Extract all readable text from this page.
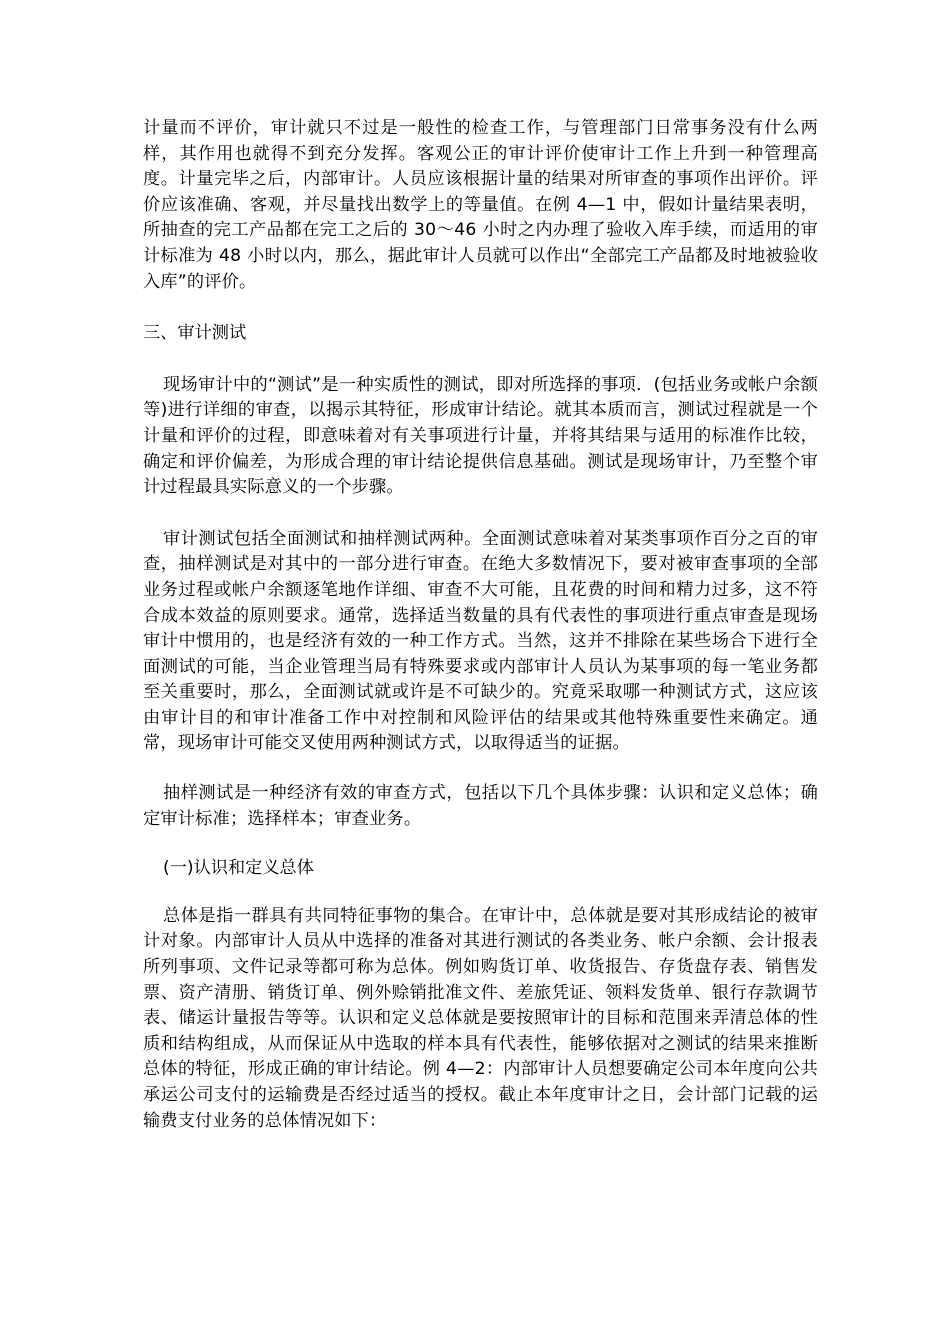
计量而不评价，审计就只不过是一般性的检查工作，与管理部门日常事务没有什么两样，其作用也就得不到充分发挥。客观公正的审计评价使审计工作上升到一种管理高度。计量完毕之后，内部审计。人员应该根据计量的结果对所审查的事项作出评价。评价应该准确、客观，并尽量找出数学上的等量值。在例 4—1 中，假如计量结果表明，所抽查的完工产品都在完工之后的 30～46 小时之内办理了验收入库手续，而适用的审计标准为 48 小时以内，那么，据此审计人员就可以作出“全部完工产品都及时地被验收入库”的评价。

三、审计测试

现场审计中的“测试”是一种实质性的测试，即对所选择的事项．(包括业务或帐户余额等)进行详细的审查，以揭示其特征，形成审计结论。就其本质而言，测试过程就是一个计量和评价的过程，即意味着对有关事项进行计量，并将其结果与适用的标准作比较，确定和评价偏差，为形成合理的审计结论提供信息基础。测试是现场审计，乃至整个审计过程最具实际意义的一个步骤。

审计测试包括全面测试和抽样测试两种。全面测试意味着对某类事项作百分之百的审查，抽样测试是对其中的一部分进行审查。在绝大多数情况下，要对被审查事项的全部业务过程或帐户余额逐笔地作详细、审查不大可能，且花费的时间和精力过多，这不符合成本效益的原则要求。通常，选择适当数量的具有代表性的事项进行重点审查是现场审计中惯用的，也是经济有效的一种工作方式。当然，这并不排除在某些场合下进行全面测试的可能，当企业管理当局有特殊要求或内部审计人员认为某事项的每一笔业务都至关重要时，那么，全面测试就或许是不可缺少的。究竟采取哪一种测试方式，这应该由审计目的和审计准备工作中对控制和风险评估的结果或其他特殊重要性来确定。通常，现场审计可能交叉使用两种测试方式，以取得适当的证据。

抽样测试是一种经济有效的审查方式，包括以下几个具体步骤：认识和定义总体；确定审计标准；选择样本；审查业务。

(一)认识和定义总体

总体是指一群具有共同特征事物的集合。在审计中，总体就是要对其形成结论的被审计对象。内部审计人员从中选择的准备对其进行测试的各类业务、帐户余额、会计报表所列事项、文件记录等都可称为总体。例如购货订单、收货报告、存货盘存表、销售发票、资产清册、销货订单、例外赊销批准文件、差旅凭证、领料发货单、银行存款调节表、储运计量报告等等。认识和定义总体就是要按照审计的目标和范围来弄清总体的性质和结构组成，从而保证从中选取的样本具有代表性，能够依据对之测试的结果来推断总体的特征，形成正确的审计结论。例 4—2：内部审计人员想要确定公司本年度向公共承运公司支付的运输费是否经过适当的授权。截止本年度审计之日，会计部门记载的运输费支付业务的总体情况如下：
